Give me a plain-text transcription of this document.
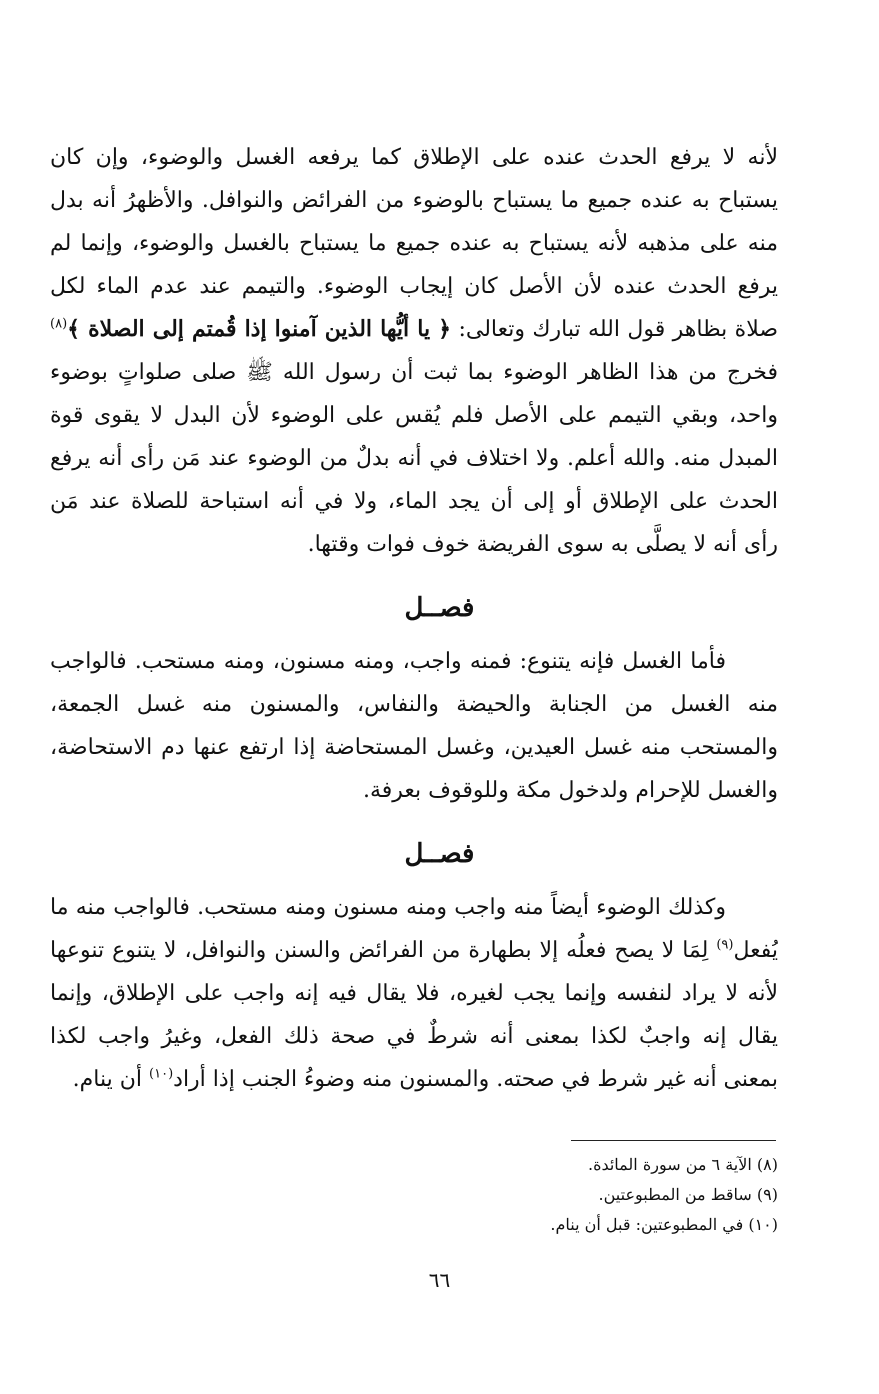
لأنه لا يرفع الحدث عنده على الإطلاق كما يرفعه الغسل والوضوء، وإن كان
يستباح به عنده جميع ما يستباح بالوضوء من الفرائض والنوافل. والأظهرُ أنه بدل
منه على مذهبه لأنه يستباح به عنده جميع ما يستباح بالغسل والوضوء، وإنما لم
يرفع الحدث عنده لأن الأصل كان إيجاب الوضوء. والتيمم عند عدم الماء لكل
صلاة بظاهر قول الله تبارك وتعالى: ﴿ يا أيُّها الذين آمنوا إذا قُمتم إلى الصلاة ﴾$^{(٨)}$
فخرج من هذا الظاهر الوضوء بما ثبت أن رسول الله ﷺ صلى صلواتٍ بوضوء
واحد، وبقي التيمم على الأصل فلم يُقس على الوضوء لأن البدل لا يقوى قوة
المبدل منه. والله أعلم. ولا اختلاف في أنه بدلٌ من الوضوء عند مَن رأى أنه يرفع
الحدث على الإطلاق أو إلى أن يجد الماء، ولا في أنه استباحة للصلاة عند مَن
رأى أنه لا يصلَّى به سوى الفريضة خوف فوات وقتها.
فصــل
فأما الغسل فإنه يتنوع: فمنه واجب، ومنه مسنون، ومنه مستحب. فالواجب
منه الغسل من الجنابة والحيضة والنفاس، والمسنون منه غسل الجمعة،
والمستحب منه غسل العيدين، وغسل المستحاضة إذا ارتفع عنها دم الاستحاضة،
والغسل للإحرام ولدخول مكة وللوقوف بعرفة.
فصــل
وكذلك الوضوء أيضاً منه واجب ومنه مسنون ومنه مستحب. فالواجب منه ما
يُفعل$^{(٩)}$ لِمَا لا يصح فعلُه إلا بطهارة من الفرائض والسنن والنوافل، لا يتنوع تنوعها
لأنه لا يراد لنفسه وإنما يجب لغيره، فلا يقال فيه إنه واجب على الإطلاق، وإنما
يقال إنه واجبٌ لكذا بمعنى أنه شرطٌ في صحة ذلك الفعل، وغيرُ واجب لكذا
بمعنى أنه غير شرط في صحته. والمسنون منه وضوءُ الجنب إذا أراد$^{(١٠)}$ أن ينام.
(٨) الآية ٦ من سورة المائدة.
(٩) ساقط من المطبوعتين.
(١٠) في المطبوعتين: قبل أن ينام.
٦٦
